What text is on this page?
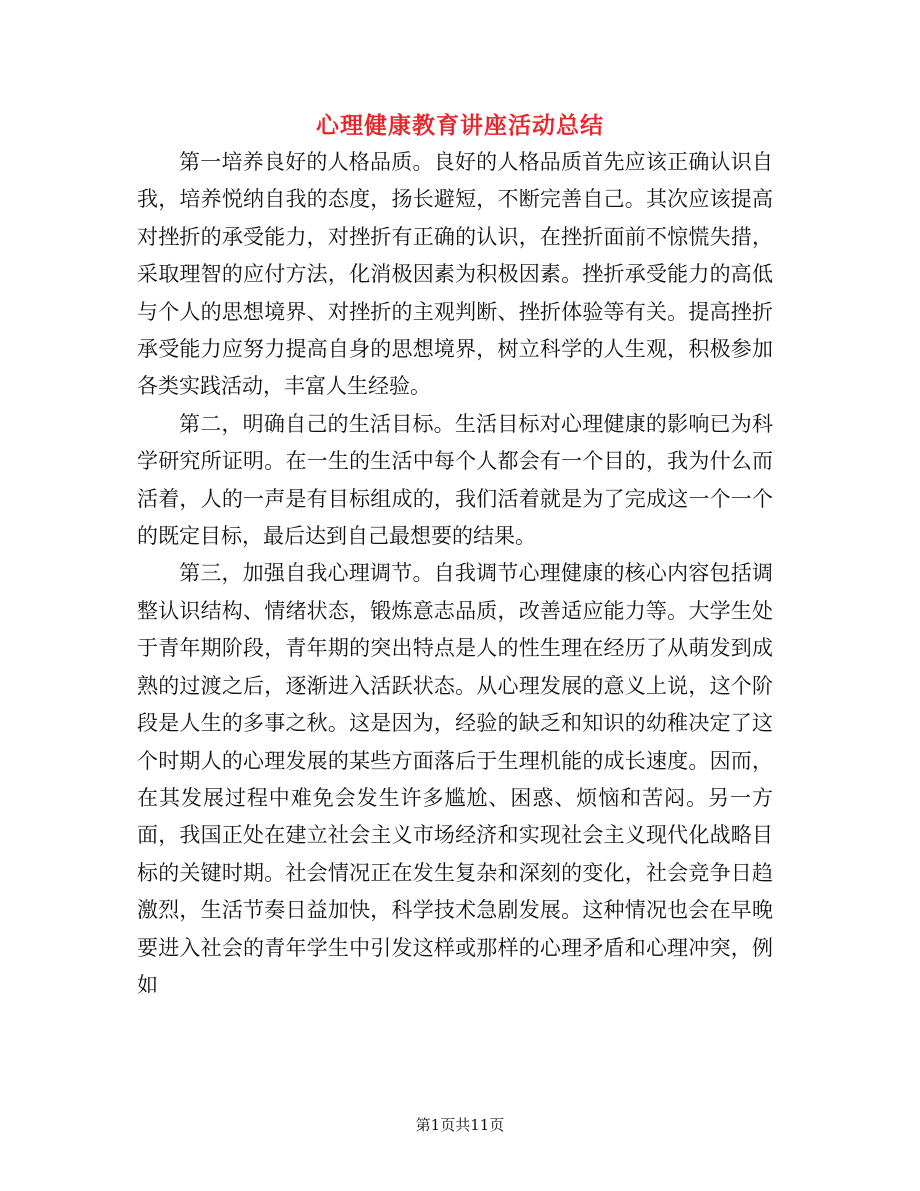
心理健康教育讲座活动总结

第一培养良好的人格品质。良好的人格品质首先应该正确认识自我，培养悦纳自我的态度，扬长避短，不断完善自己。其次应该提高对挫折的承受能力，对挫折有正确的认识，在挫折面前不惊慌失措，采取理智的应付方法，化消极因素为积极因素。挫折承受能力的高低与个人的思想境界、对挫折的主观判断、挫折体验等有关。提高挫折承受能力应努力提高自身的思想境界，树立科学的人生观，积极参加各类实践活动，丰富人生经验。

第二，明确自己的生活目标。生活目标对心理健康的影响已为科学研究所证明。在一生的生活中每个人都会有一个目的，我为什么而活着，人的一声是有目标组成的，我们活着就是为了完成这一个一个的既定目标，最后达到自己最想要的结果。

第三，加强自我心理调节。自我调节心理健康的核心内容包括调整认识结构、情绪状态，锻炼意志品质，改善适应能力等。大学生处于青年期阶段，青年期的突出特点是人的性生理在经历了从萌发到成熟的过渡之后，逐渐进入活跃状态。从心理发展的意义上说，这个阶段是人生的多事之秋。这是因为，经验的缺乏和知识的幼稚决定了这个时期人的心理发展的某些方面落后于生理机能的成长速度。因而，在其发展过程中难免会发生许多尴尬、困惑、烦恼和苦闷。另一方面，我国正处在建立社会主义市场经济和实现社会主义现代化战略目标的关键时期。社会情况正在发生复杂和深刻的变化，社会竞争日趋激烈，生活节奏日益加快，科学技术急剧发展。这种情况也会在早晚要进入社会的青年学生中引发这样或那样的心理矛盾和心理冲突，例如

第1页共11页
